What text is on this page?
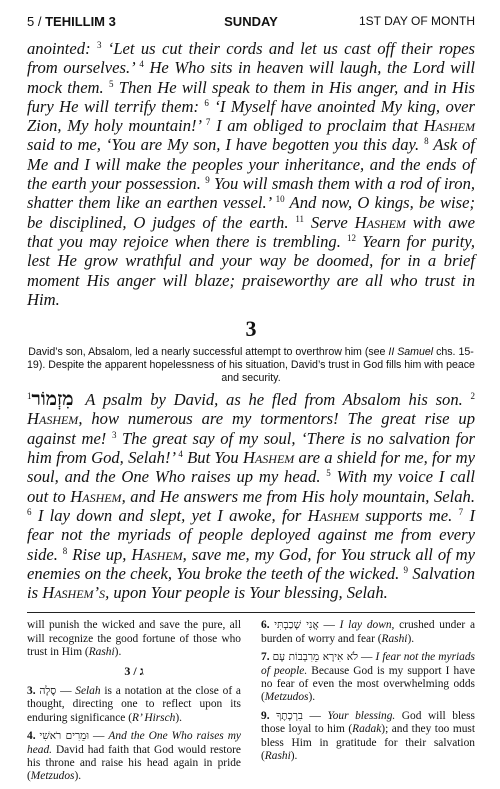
5 / TEHILLIM 3	SUNDAY	1ST DAY OF MONTH

anointed: $^3$ ‘Let us cut their cords and let us cast off their ropes from ourselves.’ $^4$ He Who sits in heaven will laugh, the Lord will mock them. $^5$ Then He will speak to them in His anger, and in His fury He will terrify them: $^6$ ‘I Myself have anointed My king, over Zion, My holy mountain!’ $^7$ I am obliged to proclaim that Hashem said to me, ‘You are My son, I have begotten you this day. $^8$ Ask of Me and I will make the peoples your inheritance, and the ends of the earth your possession. $^9$ You will smash them with a rod of iron, shatter them like an earthen vessel.’ $^{10}$ And now, O kings, be wise; be disciplined, O judges of the earth. $^{11}$ Serve Hashem with awe that you may rejoice when there is trembling. $^{12}$ Yearn for purity, lest He grow wrathful and your way be doomed, for in a brief moment His anger will blaze; praiseworthy are all who trust in Him.

3

David’s son, Absalom, led a nearly successful attempt to overthrow him (see II Samuel chs. 15-19). Despite the apparent hopelessness of his situation, David’s trust in God fills him with peace and security.

מִזְמוֹר$^1$	A psalm by David, as he fled from Absalom his son. $^2$ Hashem, how numerous are my tormentors! The great rise up against me! $^3$ The great say of my soul, ‘There is no salvation for him from God, Selah!’ $^4$ But You Hashem are a shield for me, for my soul, and the One Who raises up my head. $^5$ With my voice I call out to Hashem, and He answers me from His holy mountain, Selah. $^6$ I lay down and slept, yet I awoke, for Hashem supports me. $^7$ I fear not the myriads of people deployed against me from every side. $^8$ Rise up, Hashem, save me, my God, for You struck all of my enemies on the cheek, You broke the teeth of the wicked. $^9$ Salvation is Hashem’s, upon Your people is Your blessing, Selah.

will punish the wicked and save the pure, all will recognize the good fortune of those who trust in Him (Rashi).

3 / ג

3. סֶלָה — Selah is a notation at the close of a thought, directing one to reflect upon its enduring significance (R’ Hirsch).

4. וּמֵרִים רֹאשִׁי — And the One Who raises my head. David had faith that God would restore his throne and raise his head again in pride (Metzudos).

6. אֲנִי שָׁכַבְתִּי — I lay down, crushed under a burden of worry and fear (Rashi).

7. לֹא אִירָא מֵרִבְבוֹת עָם — I fear not the myriads of people. Because God is my support I have no fear of even the most overwhelming odds (Metzudos).

9. בִרְכָתֶךָ — Your blessing. God will bless those loyal to him (Radak); and they too must bless Him in gratitude for their salvation (Rashi).
